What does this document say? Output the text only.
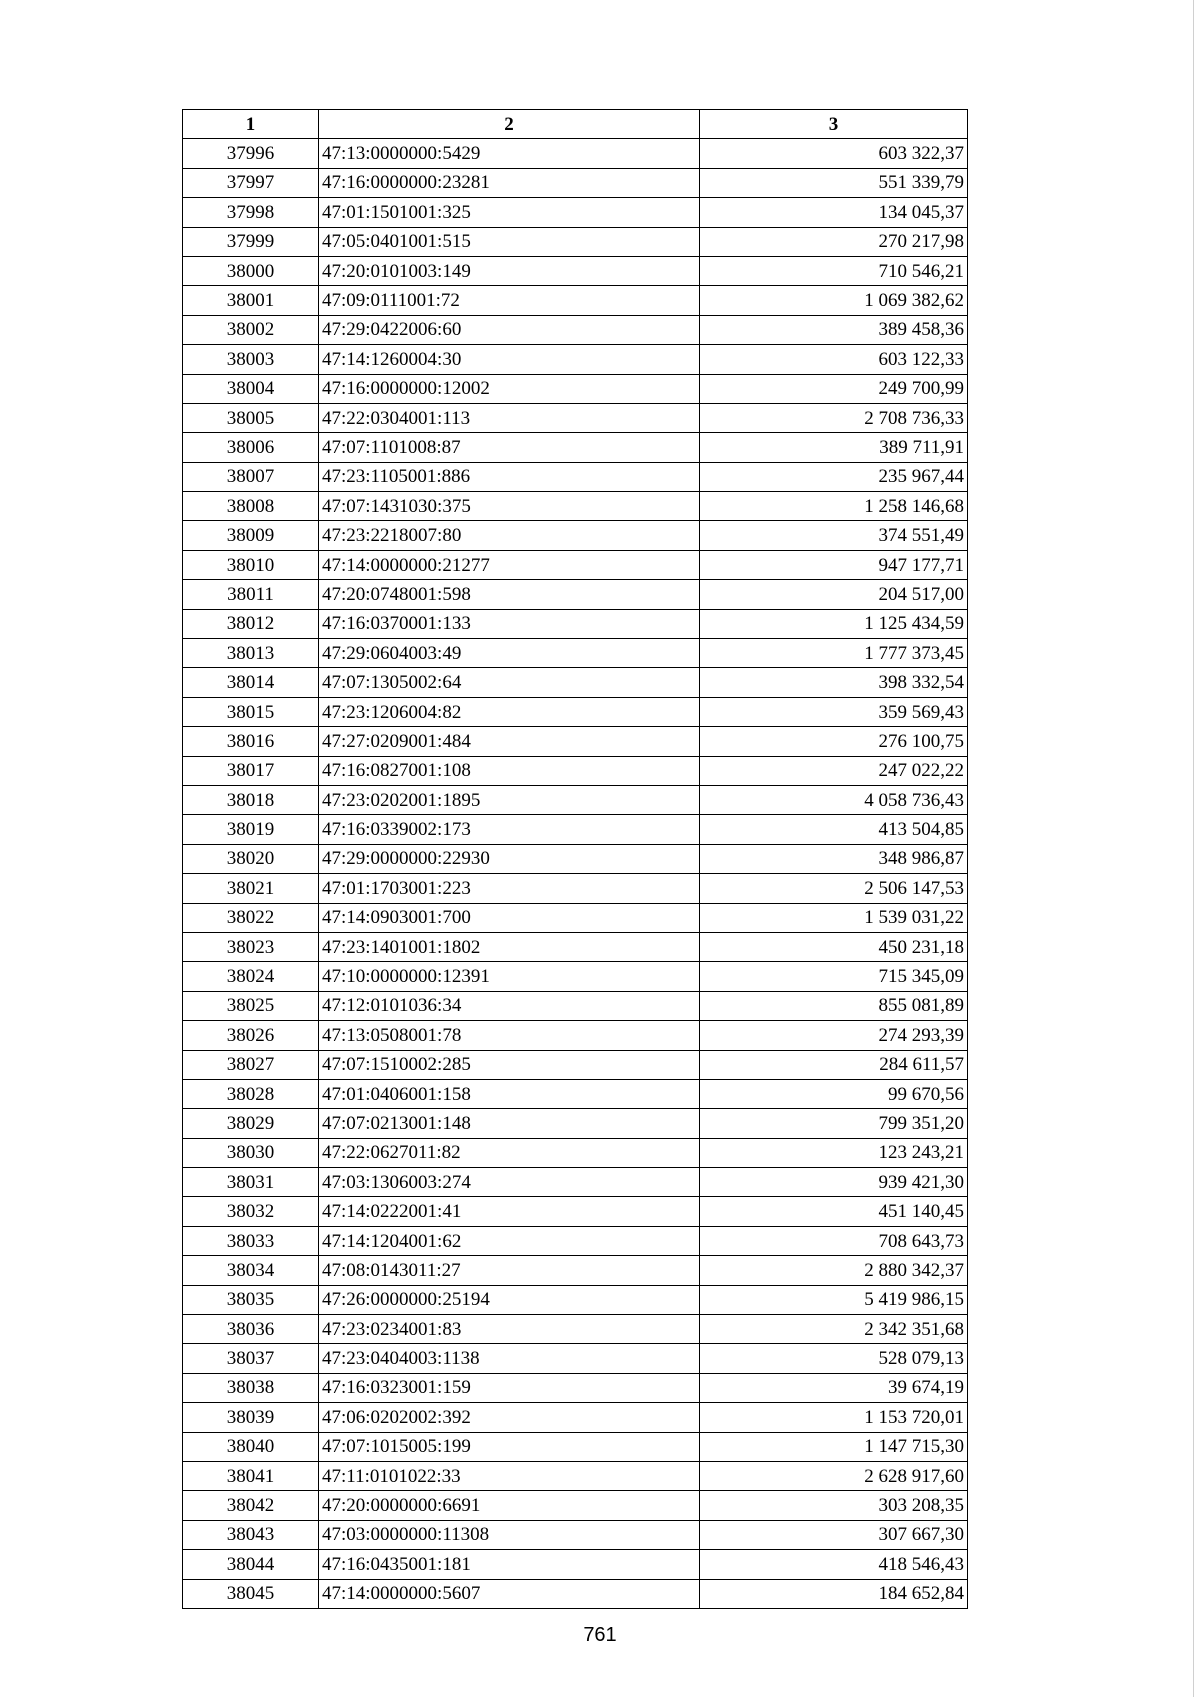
1	2	3
37996	47:13:0000000:5429	603 322,37
37997	47:16:0000000:23281	551 339,79
37998	47:01:1501001:325	134 045,37
37999	47:05:0401001:515	270 217,98
38000	47:20:0101003:149	710 546,21
38001	47:09:0111001:72	1 069 382,62
38002	47:29:0422006:60	389 458,36
38003	47:14:1260004:30	603 122,33
38004	47:16:0000000:12002	249 700,99
38005	47:22:0304001:113	2 708 736,33
38006	47:07:1101008:87	389 711,91
38007	47:23:1105001:886	235 967,44
38008	47:07:1431030:375	1 258 146,68
38009	47:23:2218007:80	374 551,49
38010	47:14:0000000:21277	947 177,71
38011	47:20:0748001:598	204 517,00
38012	47:16:0370001:133	1 125 434,59
38013	47:29:0604003:49	1 777 373,45
38014	47:07:1305002:64	398 332,54
38015	47:23:1206004:82	359 569,43
38016	47:27:0209001:484	276 100,75
38017	47:16:0827001:108	247 022,22
38018	47:23:0202001:1895	4 058 736,43
38019	47:16:0339002:173	413 504,85
38020	47:29:0000000:22930	348 986,87
38021	47:01:1703001:223	2 506 147,53
38022	47:14:0903001:700	1 539 031,22
38023	47:23:1401001:1802	450 231,18
38024	47:10:0000000:12391	715 345,09
38025	47:12:0101036:34	855 081,89
38026	47:13:0508001:78	274 293,39
38027	47:07:1510002:285	284 611,57
38028	47:01:0406001:158	99 670,56
38029	47:07:0213001:148	799 351,20
38030	47:22:0627011:82	123 243,21
38031	47:03:1306003:274	939 421,30
38032	47:14:0222001:41	451 140,45
38033	47:14:1204001:62	708 643,73
38034	47:08:0143011:27	2 880 342,37
38035	47:26:0000000:25194	5 419 986,15
38036	47:23:0234001:83	2 342 351,68
38037	47:23:0404003:1138	528 079,13
38038	47:16:0323001:159	39 674,19
38039	47:06:0202002:392	1 153 720,01
38040	47:07:1015005:199	1 147 715,30
38041	47:11:0101022:33	2 628 917,60
38042	47:20:0000000:6691	303 208,35
38043	47:03:0000000:11308	307 667,30
38044	47:16:0435001:181	418 546,43
38045	47:14:0000000:5607	184 652,84
761
